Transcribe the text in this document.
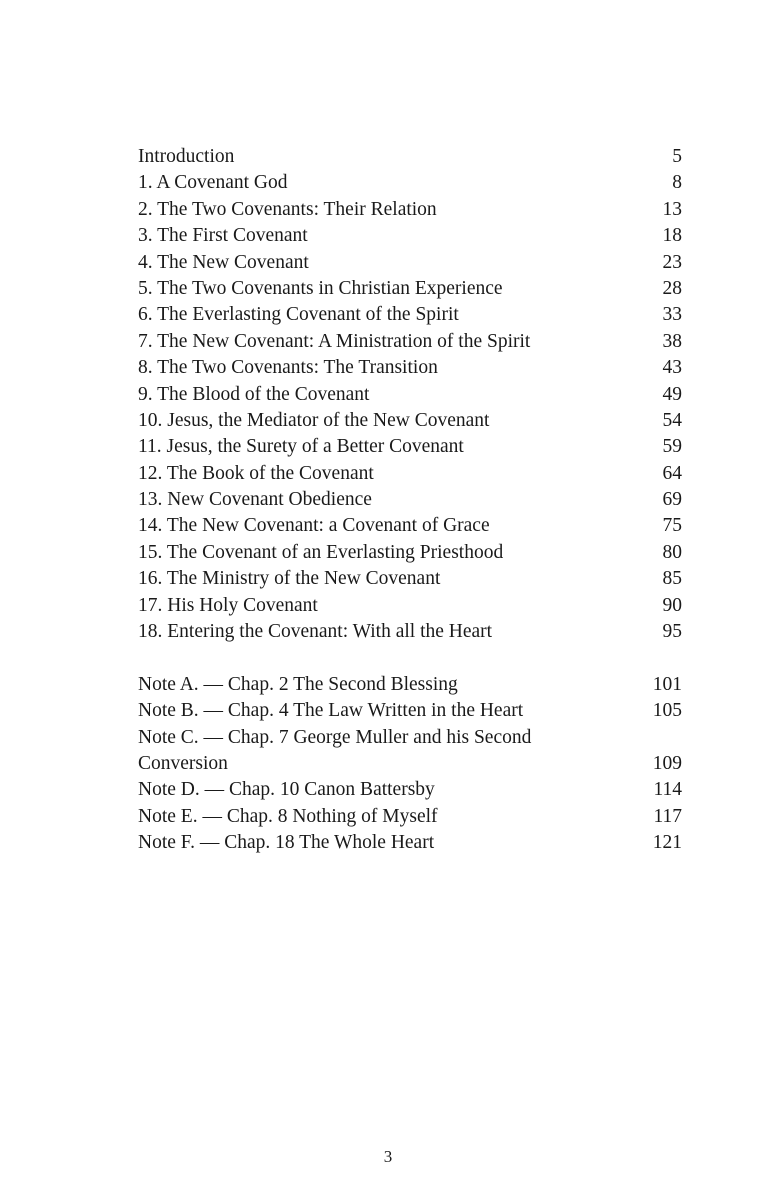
Introduction	5
1. A Covenant God	8
2. The Two Covenants: Their Relation	13
3. The First Covenant	18
4. The New Covenant	23
5. The Two Covenants in Christian Experience	28
6. The Everlasting Covenant of the Spirit	33
7. The New Covenant: A Ministration of the Spirit	38
8. The Two Covenants: The Transition	43
9. The Blood of the Covenant	49
10. Jesus, the Mediator of the New Covenant	54
11. Jesus, the Surety of a Better Covenant	59
12. The Book of the Covenant	64
13. New Covenant Obedience	69
14. The New Covenant: a Covenant of Grace	75
15. The Covenant of an Everlasting Priesthood	80
16. The Ministry of the New Covenant	85
17. His Holy Covenant	90
18. Entering the Covenant: With all the Heart	95
Note A. — Chap. 2 The Second Blessing	101
Note B. — Chap. 4 The Law Written in the Heart	105
Note C. — Chap. 7 George Muller and his Second
Conversion	109
Note D. — Chap. 10 Canon Battersby	114
Note E. — Chap. 8 Nothing of Myself	117
Note F. — Chap. 18 The Whole Heart	121
3
